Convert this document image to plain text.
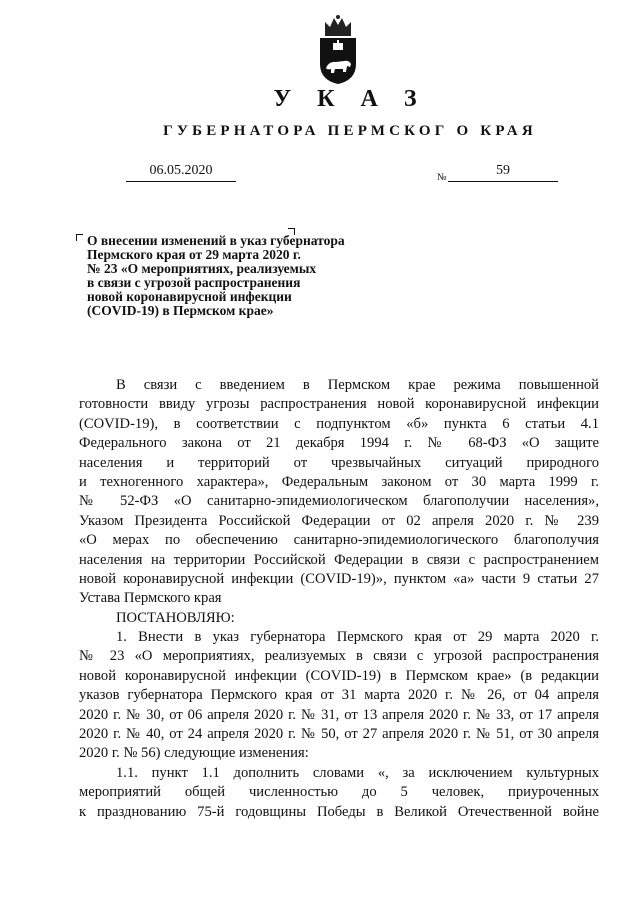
У К А З
ГУБЕРНАТОРА ПЕРМСКОГ О КРАЯ
06.05.2020	№	59
О внесении изменений в указ губернатора
Пермского края от 29 марта 2020 г.
№ 23 «О мероприятиях, реализуемых
в связи с угрозой распространения
новой коронавирусной инфекции
(COVID-19) в Пермском крае»
В связи с введением в Пермском крае режима повышенной
готовности ввиду угрозы распространения новой коронавирусной инфекции
(COVID-19), в соответствии с подпунктом «б» пункта 6 статьи 4.1
Федерального закона от 21 декабря 1994 г. № 68-ФЗ «О защите
населения и территорий от чрезвычайных ситуаций природного
и техногенного характера», Федеральным законом от 30 марта 1999 г.
№ 52-ФЗ «О санитарно-эпидемиологическом благополучии населения»,
Указом Президента Российской Федерации от 02 апреля 2020 г. № 239
«О мерах по обеспечению санитарно-эпидемиологического благополучия
населения на территории Российской Федерации в связи с распространением
новой коронавирусной инфекции (COVID-19)», пунктом «а» части 9 статьи 27
Устава Пермского края
ПОСТАНОВЛЯЮ:
1. Внести в указ губернатора Пермского края от 29 марта 2020 г.
№ 23 «О мероприятиях, реализуемых в связи с угрозой распространения
новой коронавирусной инфекции (COVID-19) в Пермском крае» (в редакции
указов губернатора Пермского края от 31 марта 2020 г. № 26, от 04 апреля
2020 г. № 30, от 06 апреля 2020 г. № 31, от 13 апреля 2020 г. № 33, от 17 апреля
2020 г. № 40, от 24 апреля 2020 г. № 50, от 27 апреля 2020 г. № 51, от 30 апреля
2020 г. № 56) следующие изменения:
1.1. пункт 1.1 дополнить словами «, за исключением культурных
мероприятий общей численностью до 5 человек, приуроченных
к празднованию 75-й годовщины Победы в Великой Отечественной войне
